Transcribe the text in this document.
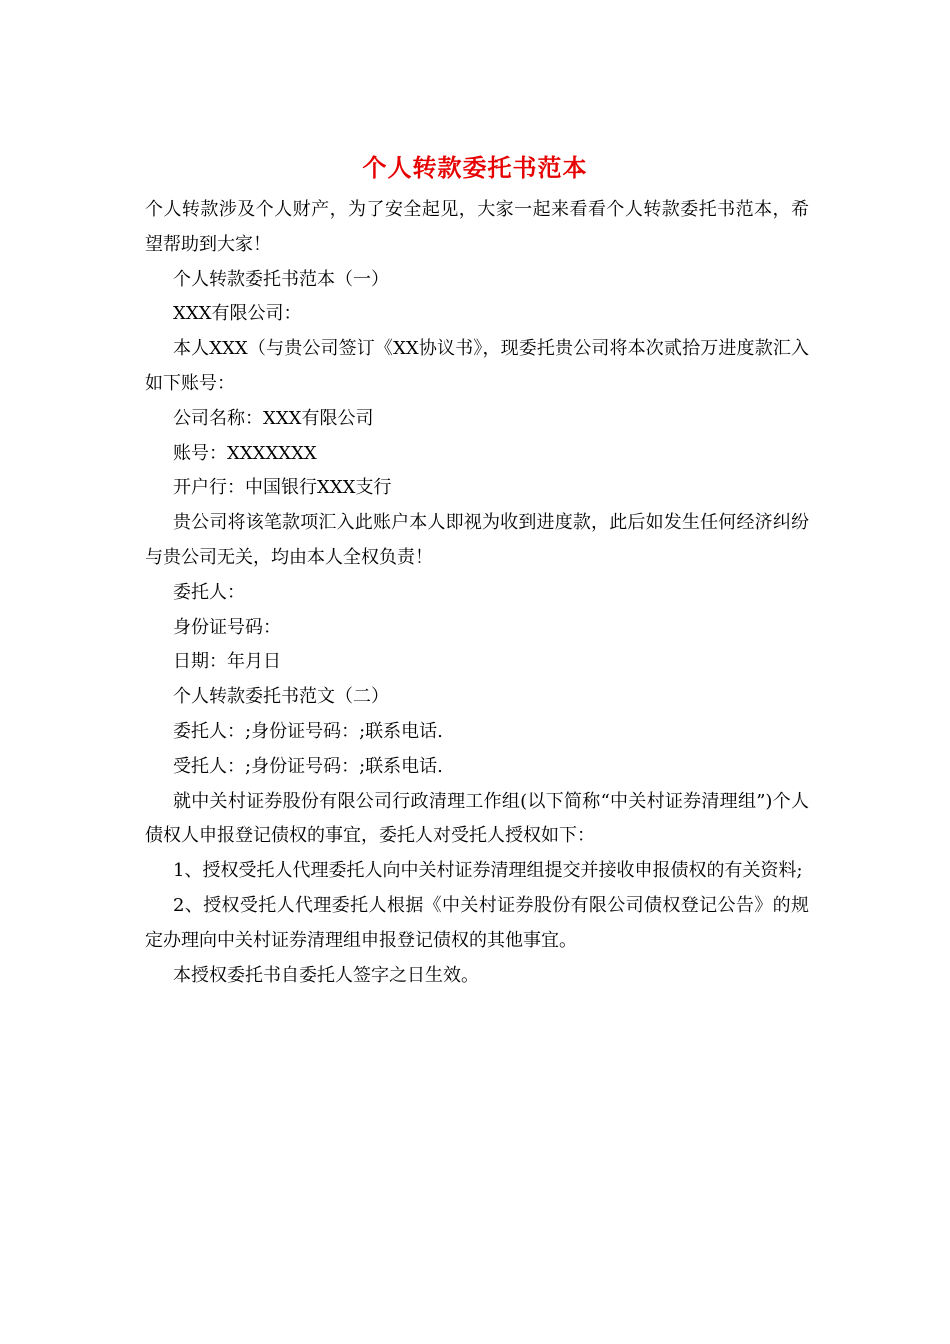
个人转款委托书范本

个人转款涉及个人财产，为了安全起见，大家一起来看看个人转款委托书范本，希望帮助到大家！

个人转款委托书范本（一）

XXX有限公司：

本人XXX（与贵公司签订《XX协议书》，现委托贵公司将本次贰拾万进度款汇入如下账号：

公司名称：XXX有限公司

账号：XXXXXXX

开户行：中国银行XXX支行

贵公司将该笔款项汇入此账户本人即视为收到进度款，此后如发生任何经济纠纷与贵公司无关，均由本人全权负责！

委托人：

身份证号码：

日期：年月日

个人转款委托书范文（二）

委托人：;身份证号码：;联系电话.

受托人：;身份证号码：;联系电话.

就中关村证券股份有限公司行政清理工作组(以下简称“中关村证券清理组”)个人债权人申报登记债权的事宜，委托人对受托人授权如下：

1、授权受托人代理委托人向中关村证券清理组提交并接收申报债权的有关资料;

2、授权受托人代理委托人根据《中关村证券股份有限公司债权登记公告》的规定办理向中关村证券清理组申报登记债权的其他事宜。

本授权委托书自委托人签字之日生效。
